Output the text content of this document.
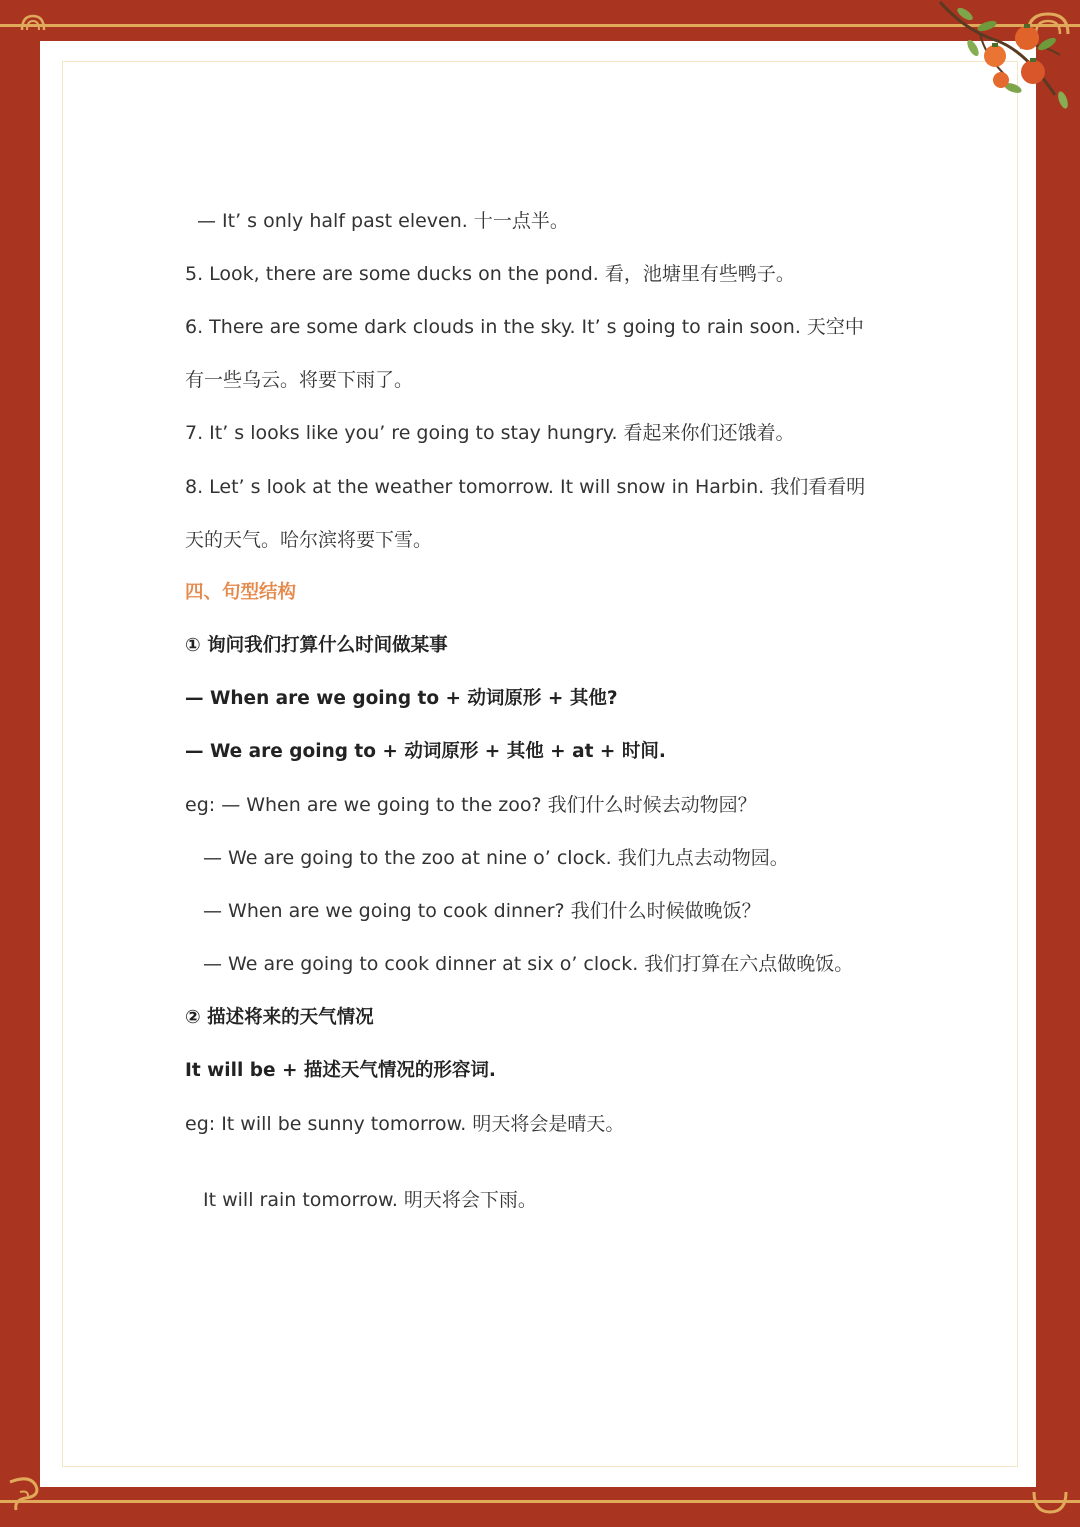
— It’ s only half past eleven. 十一点半。
5. Look, there are some ducks on the pond. 看，池塘里有些鸭子。
6. There are some dark clouds in the sky. It’ s going to rain soon. 天空中
有一些乌云。将要下雨了。
7. It’ s looks like you’ re going to stay hungry. 看起来你们还饿着。
8. Let’ s look at the weather tomorrow. It will snow in Harbin. 我们看看明
天的天气。哈尔滨将要下雪。
四、句型结构
① 询问我们打算什么时间做某事
— When are we going to + 动词原形 + 其他?
— We are going to + 动词原形 + 其他 + at + 时间.
eg: — When are we going to the zoo? 我们什么时候去动物园？
— We are going to the zoo at nine o’ clock. 我们九点去动物园。
— When are we going to cook dinner? 我们什么时候做晚饭？
— We are going to cook dinner at six o’ clock. 我们打算在六点做晚饭。
② 描述将来的天气情况
It will be + 描述天气情况的形容词.
eg: It will be sunny tomorrow. 明天将会是晴天。
It will rain tomorrow. 明天将会下雨。
